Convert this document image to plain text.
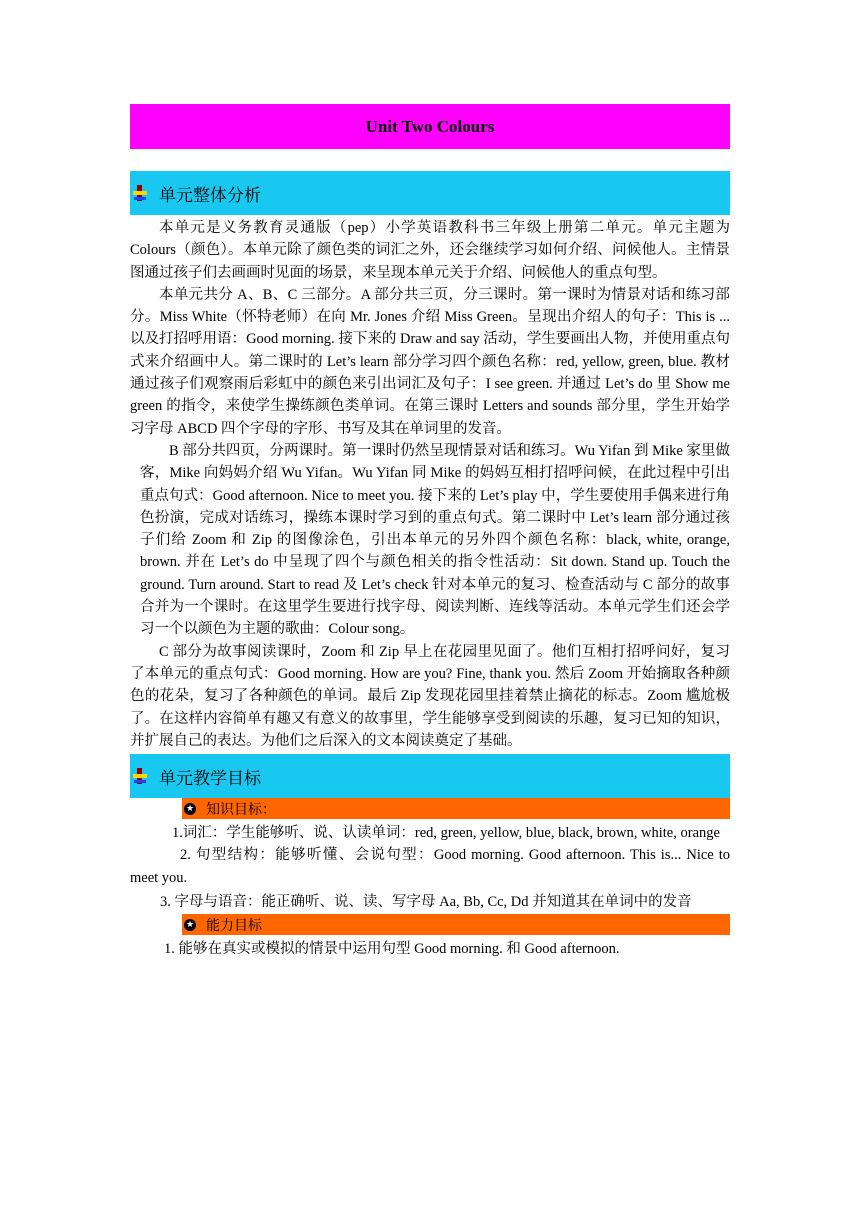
Unit Two Colours
单元整体分析

本单元是义务教育灵通版（pep）小学英语教科书三年级上册第二单元。单元主题为 Colours（颜色）。本单元除了颜色类的词汇之外，还会继续学习如何介绍、问候他人。主情景图通过孩子们去画画时见面的场景，来呈现本单元关于介绍、问候他人的重点句型。

本单元共分 A、B、C 三部分。A 部分共三页，分三课时。第一课时为情景对话和练习部分。Miss White（怀特老师）在向 Mr. Jones 介绍 Miss Green。呈现出介绍人的句子：This is ... 以及打招呼用语：Good morning. 接下来的 Draw and say 活动，学生要画出人物，并使用重点句式来介绍画中人。第二课时的 Let’s learn 部分学习四个颜色名称：red, yellow, green, blue. 教材通过孩子们观察雨后彩虹中的颜色来引出词汇及句子：I see green. 并通过 Let’s do 里 Show me green 的指令，来使学生操练颜色类单词。在第三课时 Letters and sounds 部分里，学生开始学习字母 ABCD 四个字母的字形、书写及其在单词里的发音。

B 部分共四页，分两课时。第一课时仍然呈现情景对话和练习。Wu Yifan 到 Mike 家里做客，Mike 向妈妈介绍 Wu Yifan。Wu Yifan 同 Mike 的妈妈互相打招呼问候，在此过程中引出重点句式：Good afternoon. Nice to meet you. 接下来的 Let’s play 中，学生要使用手偶来进行角色扮演，完成对话练习，操练本课时学习到的重点句式。第二课时中 Let’s learn 部分通过孩子们给 Zoom 和 Zip 的图像涂色，引出本单元的另外四个颜色名称：black, white, orange, brown. 并在 Let’s do 中呈现了四个与颜色相关的指令性活动：Sit down. Stand up. Touch the ground. Turn around. Start to read 及 Let’s check 针对本单元的复习、检查活动与 C 部分的故事合并为一个课时。在这里学生要进行找字母、阅读判断、连线等活动。本单元学生们还会学习一个以颜色为主题的歌曲：Colour song。

C 部分为故事阅读课时，Zoom 和 Zip 早上在花园里见面了。他们互相打招呼问好，复习了本单元的重点句式：Good morning. How are you? Fine, thank you. 然后 Zoom 开始摘取各种颜色的花朵，复习了各种颜色的单词。最后 Zip 发现花园里挂着禁止摘花的标志。Zoom 尴尬极了。在这样内容简单有趣又有意义的故事里，学生能够享受到阅读的乐趣，复习已知的知识，并扩展自己的表达。为他们之后深入的文本阅读奠定了基础。

单元教学目标
★ 知识目标：

1.词汇：学生能够听、说、认读单词：red, green, yellow, blue, black, brown, white, orange

2. 句型结构：能够听懂、会说句型：Good morning. Good afternoon. This is... Nice to meet you.

3. 字母与语音：能正确听、说、读、写字母 Aa, Bb, Cc, Dd 并知道其在单词中的发音

★ 能力目标

1. 能够在真实或模拟的情景中运用句型 Good morning. 和 Good afternoon.
